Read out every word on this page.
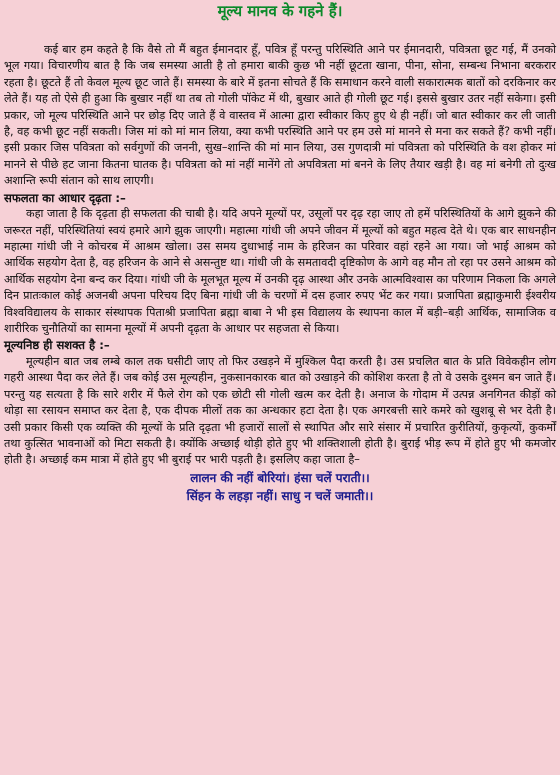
मूल्य मानव के गहने हैं।

कई बार हम कहते है कि वैसे तो मैं बहुत ईमानदार हूँ, पवित्र हूँ परन्तु परिस्थिति आने पर ईमानदारी, पवित्रता छूट गई, मैं उनको भूल गया। विचारणीय बात है कि जब समस्या आती है तो हमारा बाकी कुछ भी नहीं छूटता खाना, पीना, सोना, सम्बन्ध निभाना बरकरार रहता है। छूटते हैं तो केवल मूल्य छूट जाते हैं। समस्या के बारे में इतना सोचते हैं कि समाधान करने वाली सकारात्मक बातों को दरकिनार कर लेते हैं। यह तो ऐसे ही हुआ कि बुखार नहीं था तब तो गोली पॉकेट में थी, बुखार आते ही गोली छूट गई। इससे बुखार उतर नहीं सकेगा। इसी प्रकार, जो मूल्य परिस्थिति आने पर छोड़ दिए जाते हैं वे वास्तव में आत्मा द्वारा स्वीकार किए हुए थे ही नहीं। जो बात स्वीकार कर ली जाती है, वह कभी छूट नहीं सकती। जिस मां को मां मान लिया, क्या कभी परस्थिति आने पर हम उसे मां मानने से मना कर सकते हैं? कभी नहीं। इसी प्रकार जिस पवित्रता को सर्वगुणों की जननी, सुख–शान्ति की मां मान लिया, उस गुणदात्री मां पवित्रता को परिस्थिति के वश होकर मां मानने से पीछे हट जाना कितना घातक है। पवित्रता को मां नहीं मानेंगे तो अपवित्रता मां बनने के लिए तैयार खड़ी है। वह मां बनेगी तो दुःख अशान्ति रूपी संतान को साथ लाएगी।

सफलता का आधार दृढ़ता :–

कहा जाता है कि दृढ़ता ही सफलता की चाबी है। यदि अपने मूल्यों पर, उसूलों पर दृढ़ रहा जाए तो हमें परिस्थितियों के आगे झुकने की जरूरत नहीं, परिस्थितियां स्वयं हमारे आगे झुक जाएगी। महात्मा गांधी जी अपने जीवन में मूल्यों को बहुत महत्व देते थे। एक बार साधनहीन महात्मा गांधी जी ने कोचरब में आश्रम खोला। उस समय दुधाभाई नाम के हरिजन का परिवार वहां रहने आ गया। जो भाई आश्रम को आर्थिक सहयोग देता है, वह हरिजन के आने से असन्तुष्ट था। गांधी जी के समतावदी दृष्टिकोण के आगे वह मौन तो रहा पर उसने आश्रम को आर्थिक सहयोग देना बन्द कर दिया। गांधी जी के मूलभूत मूल्य में उनकी दृढ़ आस्था और उनके आत्मविश्वास का परिणाम निकला कि अगले दिन प्रातःकाल कोई अजनबी अपना परिचय दिए बिना गांधी जी के चरणों में दस हजार रुपए भेंट कर गया। प्रजापिता ब्रह्माकुमारी ईश्वरीय विश्वविद्यालय के साकार संस्थापक पिताश्री प्रजापिता ब्रह्मा बाबा ने भी इस विद्यालय के स्थापना काल में बड़ी–बड़ी आर्थिक, सामाजिक व शारीरिक चुनौतियों का सामना मूल्यों में अपनी दृढ़ता के आधार पर सहजता से किया।

मूल्यनिष्ठ ही सशक्त है :–

मूल्यहीन बात जब लम्बे काल तक घसीटी जाए तो फिर उखड़ने में मुश्किल पैदा करती है। उस प्रचलित बात के प्रति विवेकहीन लोग गहरी आस्था पैदा कर लेते हैं। जब कोई उस मूल्यहीन, नुकसानकारक बात को उखाड़ने की कोशिश करता है तो वे उसके दुश्मन बन जाते हैं। परन्तु यह सत्यता है कि सारे शरीर में फैले रोग को एक छोटी सी गोली खत्म कर देती है। अनाज के गोदाम में उत्पन्न अनगिनत कीड़ों को थोड़ा सा रसायन समाप्त कर देता है, एक दीपक मीलों तक का अन्धकार हटा देता है। एक अगरबत्ती सारे कमरे को खुशबू से भर देती है। उसी प्रकार किसी एक व्यक्ति की मूल्यों के प्रति दृढ़ता भी हजारों सालों से स्थापित और सारे संसार में प्रचारित कुरीतियों, कुकृत्यों, कुकर्मों तथा कुत्सित भावनाओं को मिटा सकती है। क्योंकि अच्छाई थोड़ी होते हुए भी शक्तिशाली होती है। बुराई भीड़ रूप में होते हुए भी कमजोर होती है। अच्छाई कम मात्रा में होते हुए भी बुराई पर भारी पड़ती है। इसलिए कहा जाता है–

लालन की नहीं बोरियां। हंसा चलें पराती।।

सिंहन के लहड़ा नहीं। साधु न चलें जमाती।।
